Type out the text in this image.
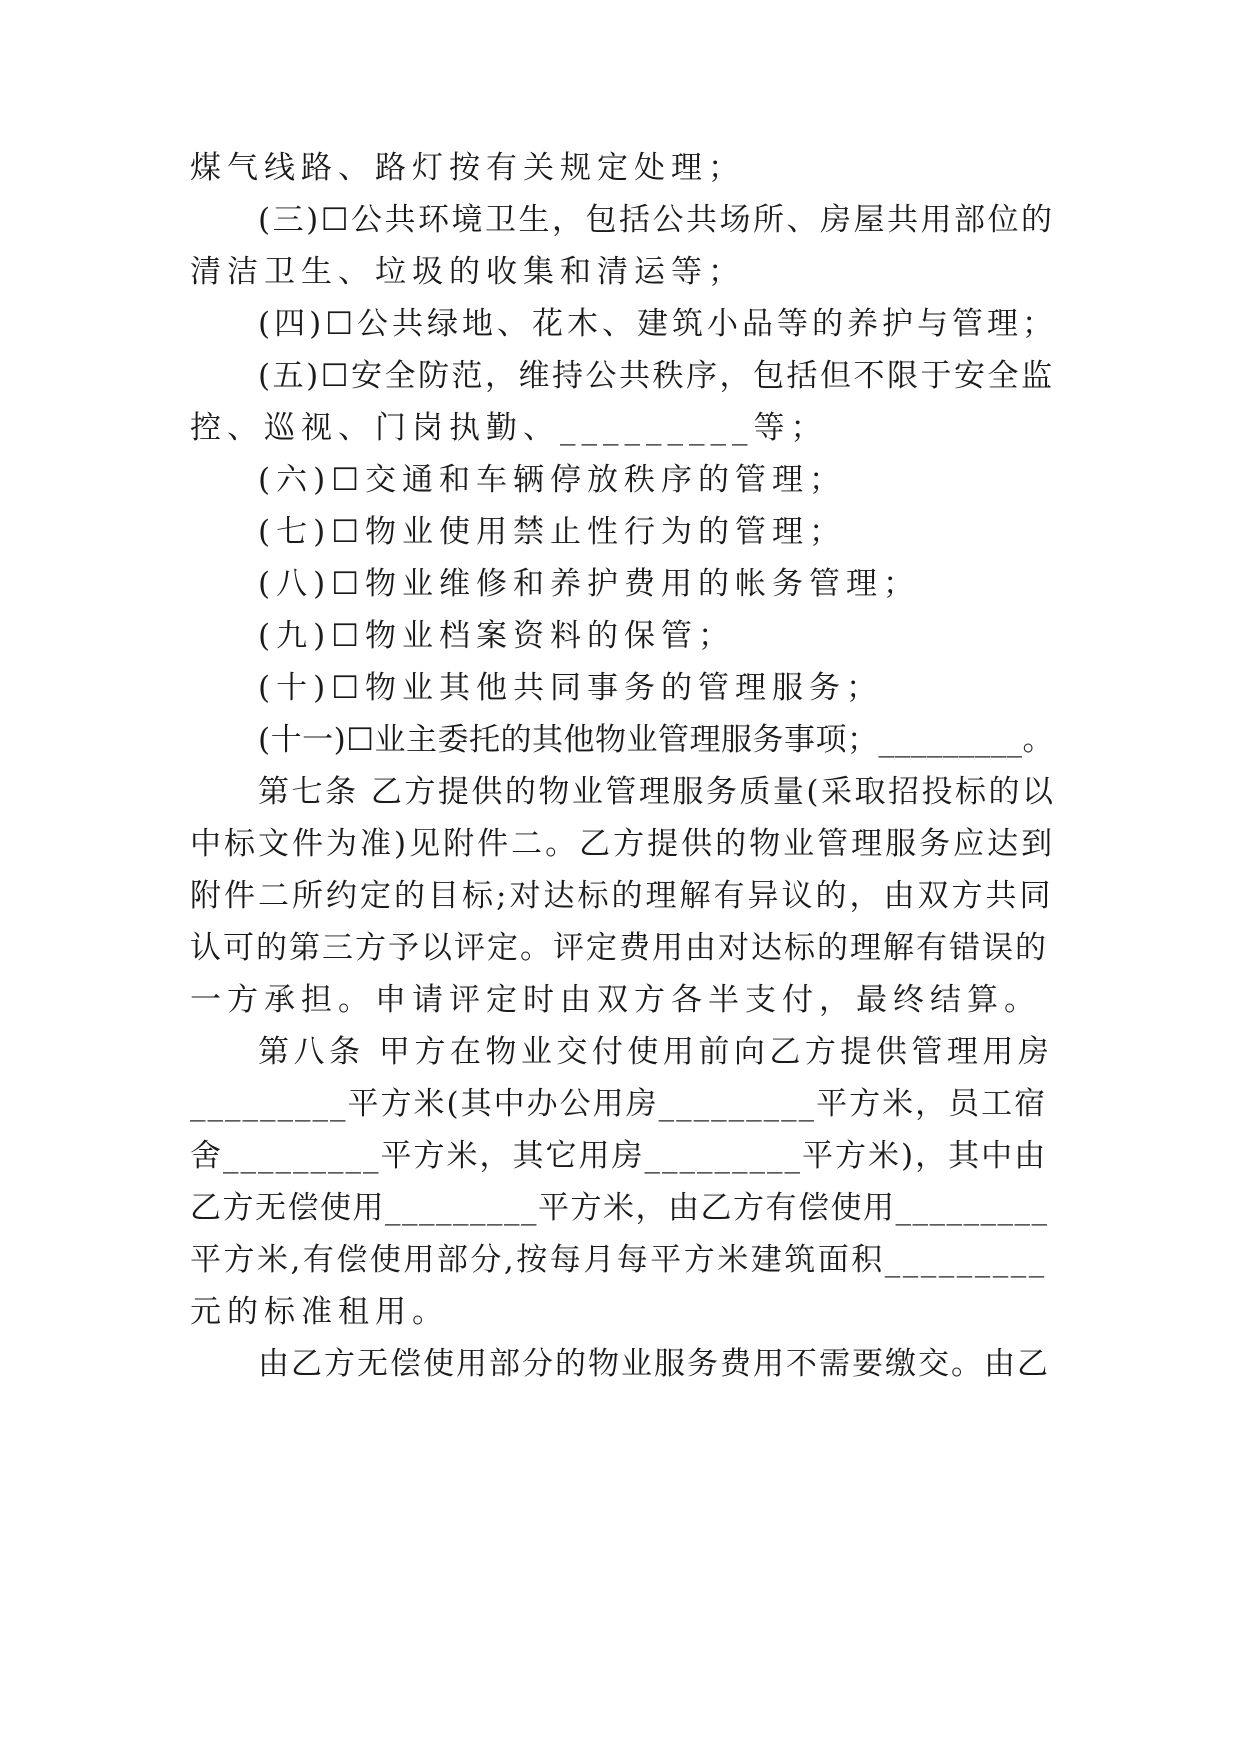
煤气线路、路灯按有关规定处理；
(三)☐公共环境卫生，包括公共场所、房屋共用部位的
清洁卫生、垃圾的收集和清运等；
(四)☐公共绿地、花木、建筑小品等的养护与管理；
(五)☐安全防范，维持公共秩序，包括但不限于安全监
控、巡视、门岗执勤、_________等；
(六)☐交通和车辆停放秩序的管理；
(七)☐物业使用禁止性行为的管理；
(八)☐物业维修和养护费用的帐务管理；
(九)☐物业档案资料的保管；
(十)☐物业其他共同事务的管理服务；
(十一)☐业主委托的其他物业管理服务事项；_________。
第七条 乙方提供的物业管理服务质量(采取招投标的以
中标文件为准)见附件二。乙方提供的物业管理服务应达到
附件二所约定的目标;对达标的理解有异议的，由双方共同
认可的第三方予以评定。评定费用由对达标的理解有错误的
一方承担。申请评定时由双方各半支付，最终结算。
第八条 甲方在物业交付使用前向乙方提供管理用房
_________平方米(其中办公用房_________平方米，员工宿
舍_________平方米，其它用房_________平方米)，其中由
乙方无偿使用_________平方米，由乙方有偿使用_________
平方米,有偿使用部分,按每月每平方米建筑面积_________
元的标准租用。
由乙方无偿使用部分的物业服务费用不需要缴交。由乙
